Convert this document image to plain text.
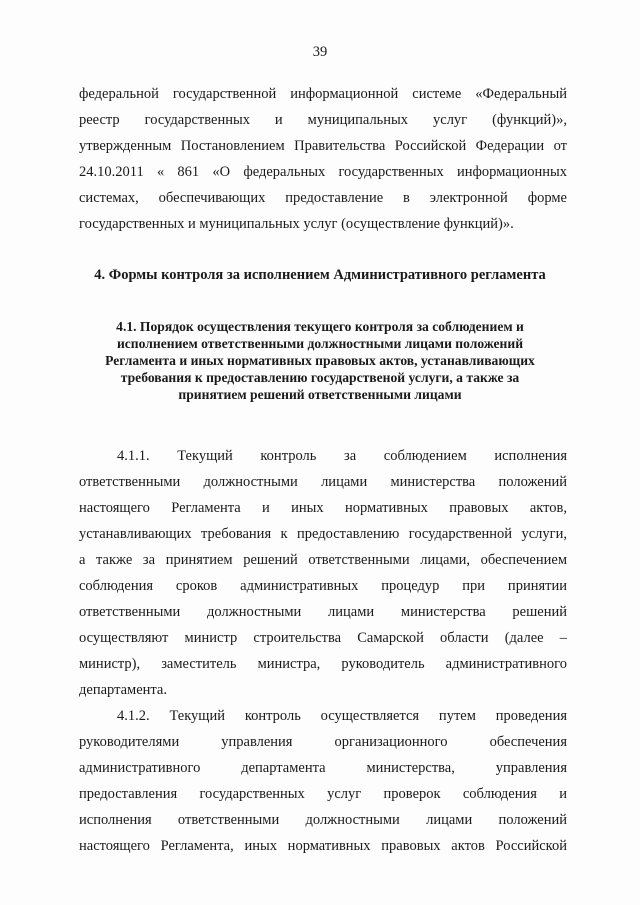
39
федеральной государственной информационной системе «Федеральный
реестр государственных и муниципальных услуг (функций)»,
утвержденным Постановлением Правительства Российской Федерации от
24.10.2011 « 861 «О федеральных государственных информационных
системах, обеспечивающих предоставление в электронной форме
государственных и муниципальных услуг (осуществление функций)».
4. Формы контроля за исполнением Административного регламента
4.1. Порядок осуществления текущего контроля за соблюдением и
исполнением ответственными должностными лицами положений
Регламента и иных нормативных правовых актов, устанавливающих
требования к предоставлению государственой услуги, а также за
принятием решений ответственными лицами
4.1.1. Текущий контроль за соблюдением исполнения
ответственными должностными лицами министерства положений
настоящего Регламента и иных нормативных правовых актов,
устанавливающих требования к предоставлению государственной услуги,
а также за принятием решений ответственными лицами, обеспечением
соблюдения сроков административных процедур при принятии
ответственными должностными лицами министерства решений
осуществляют министр строительства Самарской области (далее –
министр), заместитель министра, руководитель административного
департамента.
4.1.2. Текущий контроль осуществляется путем проведения
руководителями управления организационного обеспечения
административного департамента министерства, управления
предоставления государственных услуг проверок соблюдения и
исполнения ответственными должностными лицами положений
настоящего Регламента, иных нормативных правовых актов Российской
